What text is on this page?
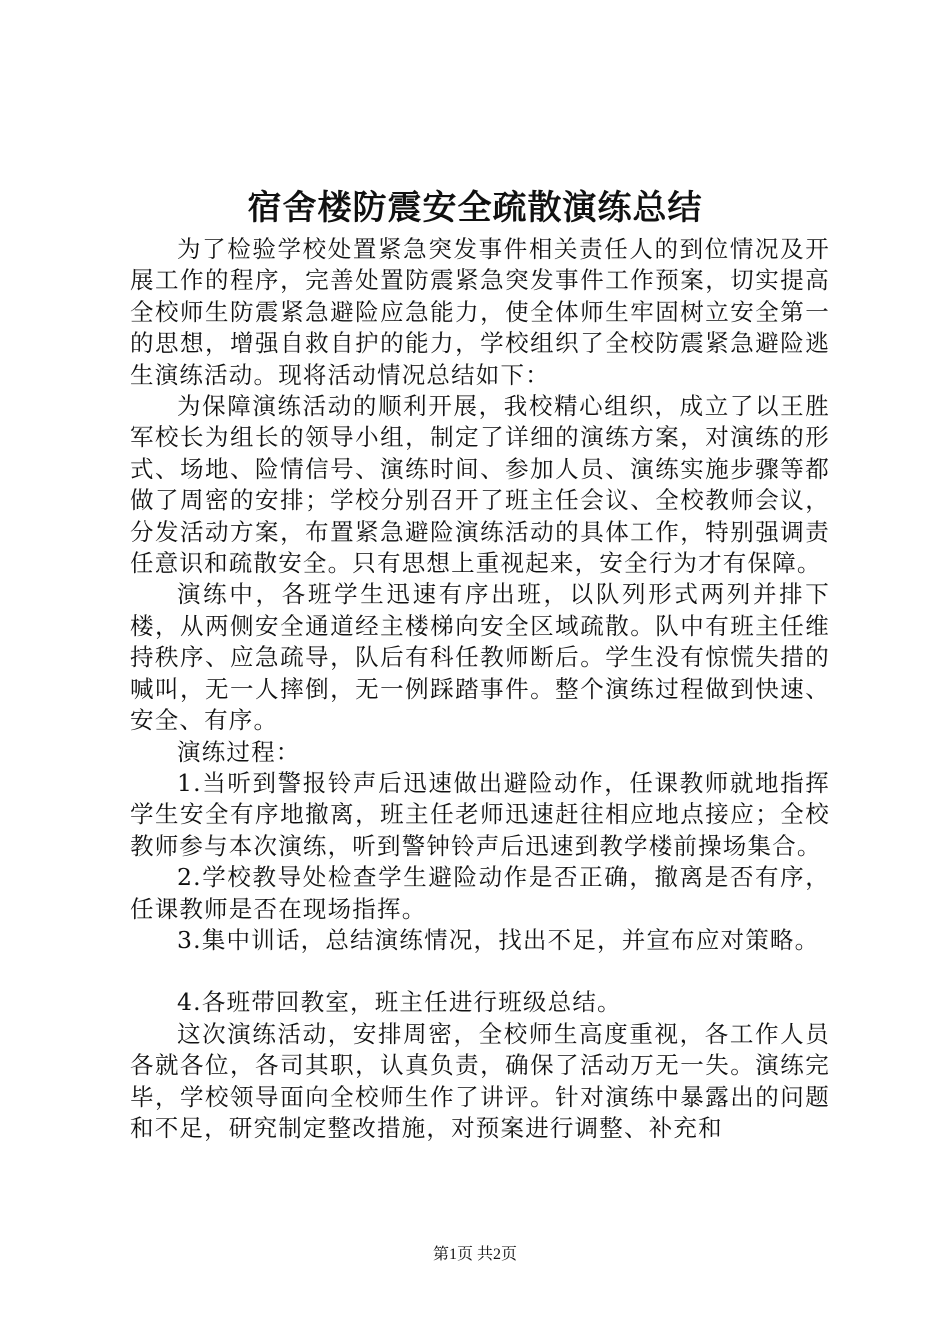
宿舍楼防震安全疏散演练总结

为了检验学校处置紧急突发事件相关责任人的到位情况及开展工作的程序，完善处置防震紧急突发事件工作预案，切实提高全校师生防震紧急避险应急能力，使全体师生牢固树立安全第一的思想，增强自救自护的能力，学校组织了全校防震紧急避险逃生演练活动。现将活动情况总结如下：

为保障演练活动的顺利开展，我校精心组织，成立了以王胜军校长为组长的领导小组，制定了详细的演练方案，对演练的形式、场地、险情信号、演练时间、参加人员、演练实施步骤等都做了周密的安排；学校分别召开了班主任会议、全校教师会议，分发活动方案，布置紧急避险演练活动的具体工作，特别强调责任意识和疏散安全。只有思想上重视起来，安全行为才有保障。

演练中，各班学生迅速有序出班，以队列形式两列并排下楼，从两侧安全通道经主楼梯向安全区域疏散。队中有班主任维持秩序、应急疏导，队后有科任教师断后。学生没有惊慌失措的喊叫，无一人摔倒，无一例踩踏事件。整个演练过程做到快速、安全、有序。

演练过程：

1.当听到警报铃声后迅速做出避险动作，任课教师就地指挥学生安全有序地撤离，班主任老师迅速赶往相应地点接应；全校教师参与本次演练，听到警钟铃声后迅速到教学楼前操场集合。

2.学校教导处检查学生避险动作是否正确，撤离是否有序，任课教师是否在现场指挥。

3.集中训话，总结演练情况，找出不足，并宣布应对策略。

4.各班带回教室，班主任进行班级总结。

这次演练活动，安排周密，全校师生高度重视，各工作人员各就各位，各司其职，认真负责，确保了活动万无一失。演练完毕，学校领导面向全校师生作了讲评。针对演练中暴露出的问题和不足，研究制定整改措施，对预案进行调整、补充和

第1页 共2页
